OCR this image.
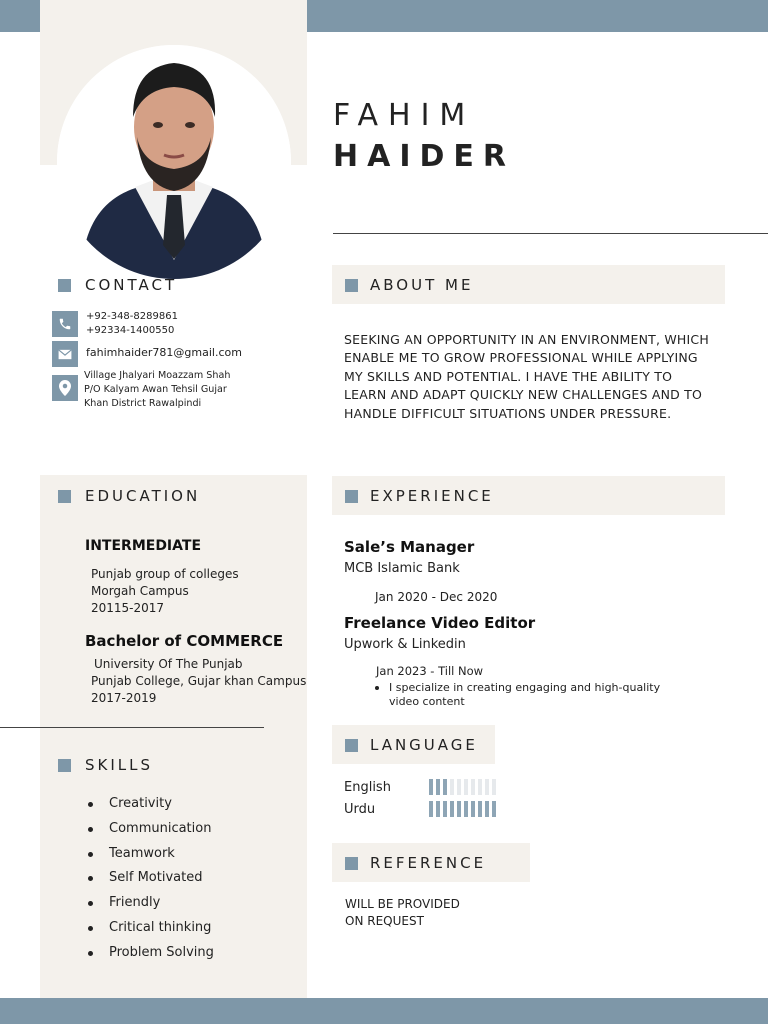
FAHIM
HAIDER
CONTACT
+92-348-8289861
+92334-1400550
fahimhaider781@gmail.com
Village Jhalyari Moazzam Shah
P/O Kalyam Awan Tehsil Gujar
Khan District Rawalpindi
ABOUT ME
SEEKING AN OPPORTUNITY IN AN ENVIRONMENT, WHICH
ENABLE ME TO GROW PROFESSIONAL WHILE APPLYING
MY SKILLS AND POTENTIAL. I HAVE THE ABILITY TO
LEARN AND ADAPT QUICKLY NEW CHALLENGES AND TO
HANDLE DIFFICULT SITUATIONS UNDER PRESSURE.
EDUCATION
INTERMEDIATE
Punjab group of colleges
Morgah Campus
20115-2017
Bachelor of COMMERCE
University Of The Punjab
Punjab College, Gujar khan Campus
2017-2019
SKILLS
Creativity
Communication
Teamwork
Self Motivated
Friendly
Critical thinking
Problem Solving
EXPERIENCE
Sale’s Manager
MCB Islamic Bank
Jan 2020 - Dec 2020
Freelance Video Editor
Upwork & Linkedin
Jan 2023 - Till Now
I specialize in creating engaging and high-quality
video content
LANGUAGE
English
Urdu
REFERENCE
WILL BE PROVIDED
ON REQUEST
